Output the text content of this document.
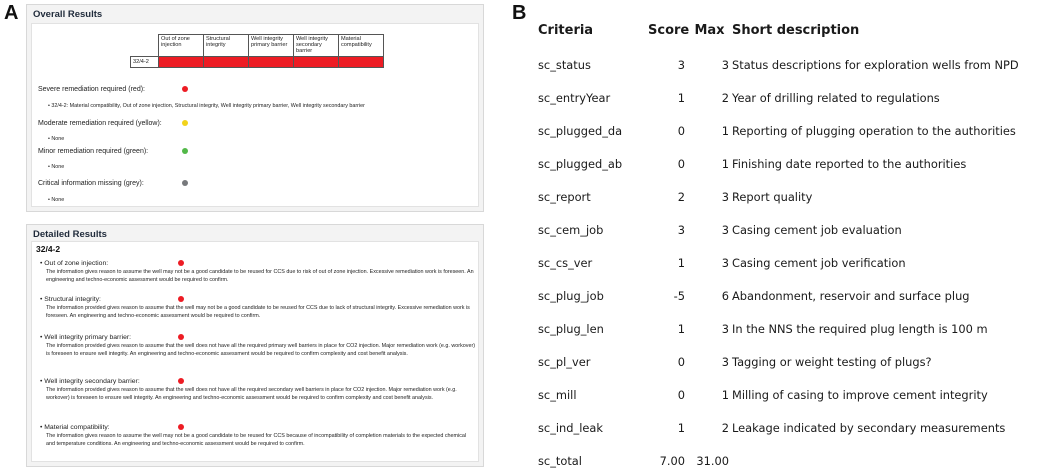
A	Overall Results
	Out of zone injection	Structural integrity	Well integrity primary barrier	Well integrity secondary barrier	Material compatibility
32/4-2					
Severe remediation required (red):
• 32/4-2: Material compatibility, Out of zone injection, Structural integrity, Well integrity primary barrier, Well integrity secondary barrier
Moderate remediation required (yellow):
• None
Minor remediation required (green):
• None
Critical information missing (grey):
• None
Detailed Results
32/4-2
• Out of zone injection:
The information gives reason to assume the well may not be a good candidate to be reused for CCS due to risk of out of zone injection. Excessive remediation work is foreseen. An engineering and techno-economic assessment would be required to confirm.
• Structural integrity:
The information provided gives reason to assume that the well may not be a good candidate to be reused for CCS due to lack of structural integrity. Excessive remediation work is foreseen. An engineering and techno-economic assessment would be required to confirm.
• Well integrity primary barrier:
The information provided gives reason to assume that the well does not have all the required primary well barriers in place for CO2 injection. Major remediation work (e.g. workover) is foreseen to ensure well integrity. An engineering and techno-economic assessment would be required to confirm complexity and cost benefit analysis.
• Well integrity secondary barrier:
The information provided gives reason to assume that the well does not have all the required secondary well barriers in place for CO2 injection. Major remediation work (e.g. workover) is foreseen to ensure well integrity. An engineering and techno-economic assessment would be required to confirm complexity and cost benefit analysis.
• Material compatibility:
The information gives reason to assume the well may not be a good candidate to be reused for CCS because of incompatibility of completion materials to the expected chemical and temperature conditions. An engineering and techno-economic assessment would be required to confirm.
B
Criteria	Score	Max	Short description
sc_status	3	3	Status descriptions for exploration wells from NPD
sc_entryYear	1	2	Year of drilling related to regulations
sc_plugged_da	0	1	Reporting of plugging operation to the authorities
sc_plugged_ab	0	1	Finishing date reported to the authorities
sc_report	2	3	Report quality
sc_cem_job	3	3	Casing cement job evaluation
sc_cs_ver	1	3	Casing cement job verification
sc_plug_job	-5	6	Abandonment, reservoir and surface plug
sc_plug_len	1	3	In the NNS the required plug length is 100 m
sc_pl_ver	0	3	Tagging or weight testing of plugs?
sc_mill	0	1	Milling of casing to improve cement integrity
sc_ind_leak	1	2	Leakage indicated by secondary measurements
sc_total	7.00	31.00	
